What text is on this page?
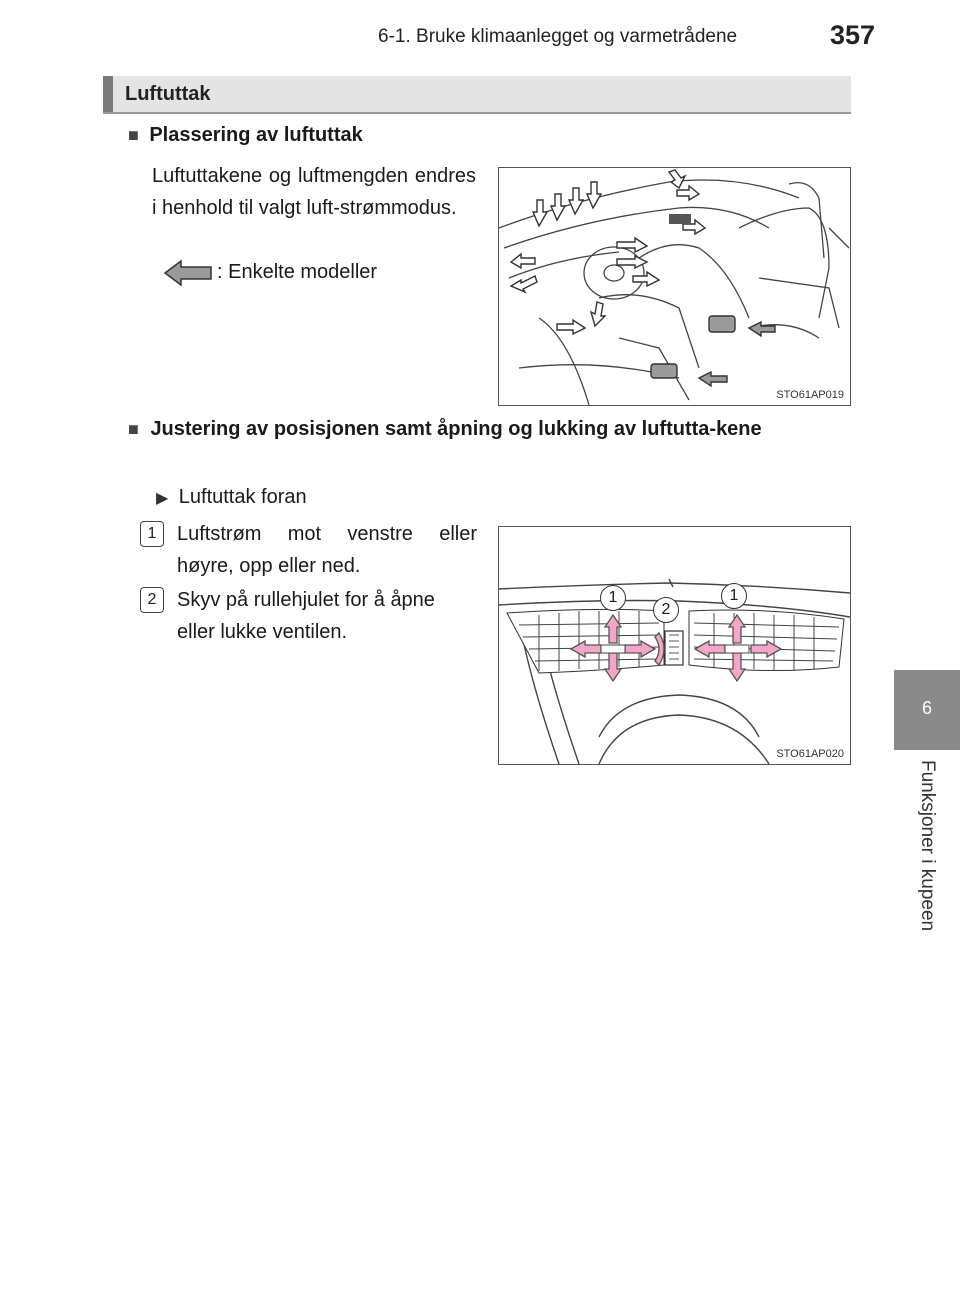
6-1. Bruke klimaanlegget og varmetrådene	357
6
Funksjoner i kupeen
Luftuttak
■ Plassering av luftuttak
Luftuttakene og luftmengden endres i henhold til valgt luft-strømmodus.
: Enkelte modeller
STO61AP019
■ Justering av posisjonen samt åpning og lukking av luftutta-kene
▶ Luftuttak foran
1	Luftstrøm mot venstre eller høyre, opp eller ned.
2	Skyv på rullehjulet for å åpne eller lukke ventilen.
1
2
1
STO61AP020
